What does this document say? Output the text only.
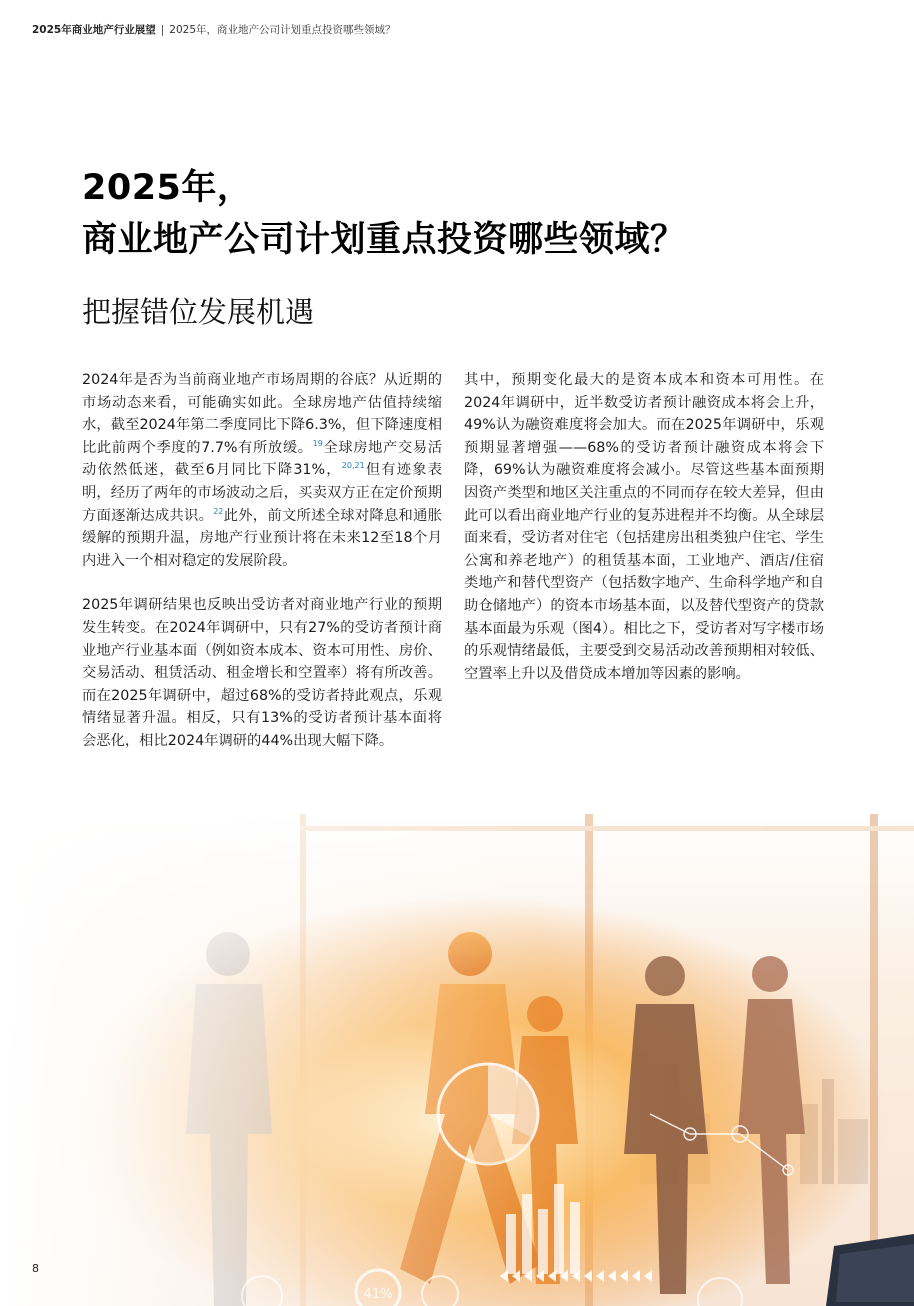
2025年商业地产行业展望 | 2025年，商业地产公司计划重点投资哪些领域？
2025年，
商业地产公司计划重点投资哪些领域？
把握错位发展机遇

2024年是否为当前商业地产市场周期的谷底？从近期的市场动态来看，可能确实如此。全球房地产估值持续缩水，截至2024年第二季度同比下降6.3%，但下降速度相比此前两个季度的7.7%有所放缓。$^{19}$全球房地产交易活动依然低迷，截至6月同比下降31%，$^{20,21}$但有迹象表明，经历了两年的市场波动之后，买卖双方正在定价预期方面逐渐达成共识。$^{22}$此外，前文所述全球对降息和通胀缓解的预期升温，房地产行业预计将在未来12至18个月内进入一个相对稳定的发展阶段。

2025年调研结果也反映出受访者对商业地产行业的预期发生转变。在2024年调研中，只有27%的受访者预计商业地产行业基本面（例如资本成本、资本可用性、房价、交易活动、租赁活动、租金增长和空置率）将有所改善。而在2025年调研中，超过68%的受访者持此观点，乐观情绪显著升温。相反，只有13%的受访者预计基本面将会恶化，相比2024年调研的44%出现大幅下降。

其中，预期变化最大的是资本成本和资本可用性。在2024年调研中，近半数受访者预计融资成本将会上升，49%认为融资难度将会加大。而在2025年调研中，乐观预期显著增强——68%的受访者预计融资成本将会下降，69%认为融资难度将会减小。尽管这些基本面预期因资产类型和地区关注重点的不同而存在较大差异，但由此可以看出商业地产行业的复苏进程并不均衡。从全球层面来看，受访者对住宅（包括建房出租类独户住宅、学生公寓和养老地产）的租赁基本面，工业地产、酒店/住宿类地产和替代型资产（包括数字地产、生命科学地产和自助仓储地产）的资本市场基本面，以及替代型资产的贷款基本面最为乐观（图4）。相比之下，受访者对写字楼市场的乐观情绪最低，主要受到交易活动改善预期相对较低、空置率上升以及借贷成本增加等因素的影响。

8
